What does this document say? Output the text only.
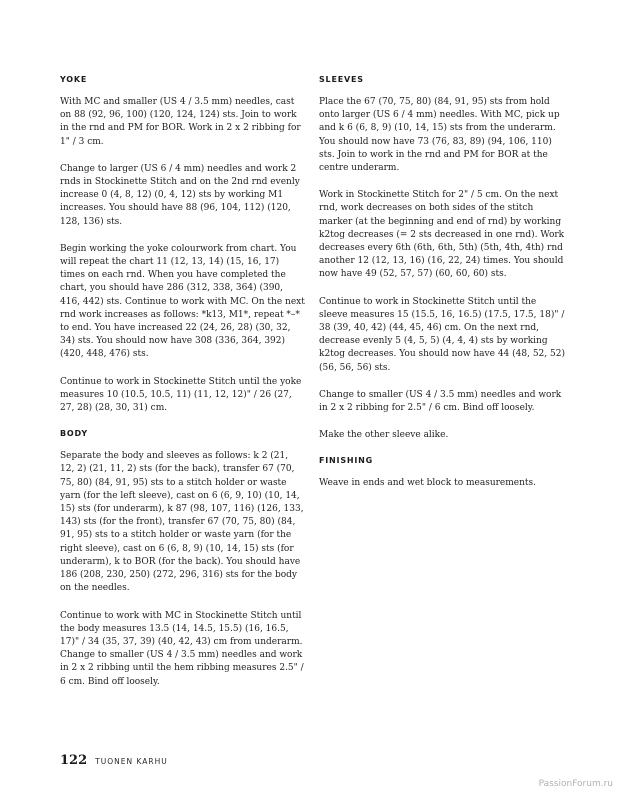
YOKE

With MC and smaller (US 4 / 3.5 mm) needles, cast on 88 (92, 96, 100) (120, 124, 124) sts. Join to work in the rnd and PM for BOR. Work in 2 x 2 ribbing for 1" / 3 cm.

Change to larger (US 6 / 4 mm) needles and work 2 rnds in Stockinette Stitch and on the 2nd rnd evenly increase 0 (4, 8, 12) (0, 4, 12) sts by working M1 increases. You should have 88 (96, 104, 112) (120, 128, 136) sts.

Begin working the yoke colourwork from chart. You will repeat the chart 11 (12, 13, 14) (15, 16, 17) times on each rnd. When you have completed the chart, you should have 286 (312, 338, 364) (390, 416, 442) sts. Continue to work with MC. On the next rnd work increases as follows: *k13, M1*, repeat *–* to end. You have increased 22 (24, 26, 28) (30, 32, 34) sts. You should now have 308 (336, 364, 392) (420, 448, 476) sts.

Continue to work in Stockinette Stitch until the yoke measures 10 (10.5, 10.5, 11) (11, 12, 12)" / 26 (27, 27, 28) (28, 30, 31) cm.

BODY

Separate the body and sleeves as follows: k 2 (21, 12, 2) (21, 11, 2) sts (for the back), transfer 67 (70, 75, 80) (84, 91, 95) sts to a stitch holder or waste yarn (for the left sleeve), cast on 6 (6, 9, 10) (10, 14, 15) sts (for underarm), k 87 (98, 107, 116) (126, 133, 143) sts (for the front), transfer 67 (70, 75, 80) (84, 91, 95) sts to a stitch holder or waste yarn (for the right sleeve), cast on 6 (6, 8, 9) (10, 14, 15) sts (for underarm), k to BOR (for the back). You should have 186 (208, 230, 250) (272, 296, 316) sts for the body on the needles.

Continue to work with MC in Stockinette Stitch until the body measures 13.5 (14, 14.5, 15.5) (16, 16.5, 17)" / 34 (35, 37, 39) (40, 42, 43) cm from underarm. Change to smaller (US 4 / 3.5 mm) needles and work in 2 x 2 ribbing until the hem ribbing measures 2.5" / 6 cm. Bind off loosely.

SLEEVES

Place the 67 (70, 75, 80) (84, 91, 95) sts from hold onto larger (US 6 / 4 mm) needles. With MC, pick up and k 6 (6, 8, 9) (10, 14, 15) sts from the underarm. You should now have 73 (76, 83, 89) (94, 106, 110) sts. Join to work in the rnd and PM for BOR at the centre underarm.

Work in Stockinette Stitch for 2" / 5 cm. On the next rnd, work decreases on both sides of the stitch marker (at the beginning and end of rnd) by working k2tog decreases (= 2 sts decreased in one rnd). Work decreases every 6th (6th, 6th, 5th) (5th, 4th, 4th) rnd another 12 (12, 13, 16) (16, 22, 24) times. You should now have 49 (52, 57, 57) (60, 60, 60) sts.

Continue to work in Stockinette Stitch until the sleeve measures 15 (15.5, 16, 16.5) (17.5, 17.5, 18)" / 38 (39, 40, 42) (44, 45, 46) cm. On the next rnd, decrease evenly 5 (4, 5, 5) (4, 4, 4) sts by working k2tog decreases. You should now have 44 (48, 52, 52) (56, 56, 56) sts.

Change to smaller (US 4 / 3.5 mm) needles and work in 2 x 2 ribbing for 2.5" / 6 cm. Bind off loosely.

Make the other sleeve alike.

FINISHING

Weave in ends and wet block to measurements.

122 TUONEN KARHU
PassionForum.ru
